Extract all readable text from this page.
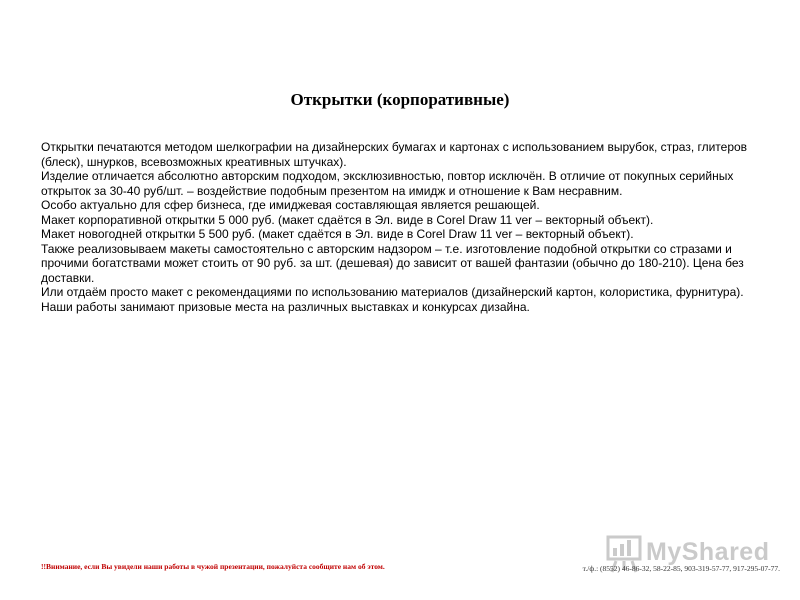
Открытки (корпоративные)

Открытки печатаются методом шелкографии на дизайнерских бумагах и картонах с использованием вырубок, страз, глитеров (блеск), шнурков, всевозможных креативных штучках).

Изделие отличается абсолютно авторским подходом, эксклюзивностью, повтор исключён. В отличие от покупных серийных открыток за 30-40 руб/шт. – воздействие подобным презентом на имидж и отношение к Вам несравним.

Особо актуально для сфер бизнеса, где имиджевая составляющая является решающей.

Макет корпоративной открытки 5 000 руб. (макет сдаётся в Эл. виде в Corel Draw 11 ver – векторный объект).

Макет новогодней открытки 5 500 руб. (макет сдаётся в Эл. виде в Corel Draw 11 ver – векторный объект).

Также реализовываем макеты самостоятельно с авторским надзором – т.е. изготовление подобной открытки со стразами и прочими богатствами может стоить от 90 руб. за шт. (дешевая) до зависит от вашей фантазии (обычно до 180-210). Цена без доставки.

Или отдаём просто макет с рекомендациями по использованию материалов (дизайнерский картон, колористика, фурнитура).

Наши работы занимают призовые места на различных выставках и конкурсах дизайна.

MyShared
!!Внимание, если Вы увидели наши работы в чужой презентации, пожалуйста сообщите нам об этом.	т./ф.: (8552) 46-86-32, 58-22-85, 903-319-57-77, 917-295-07-77.
